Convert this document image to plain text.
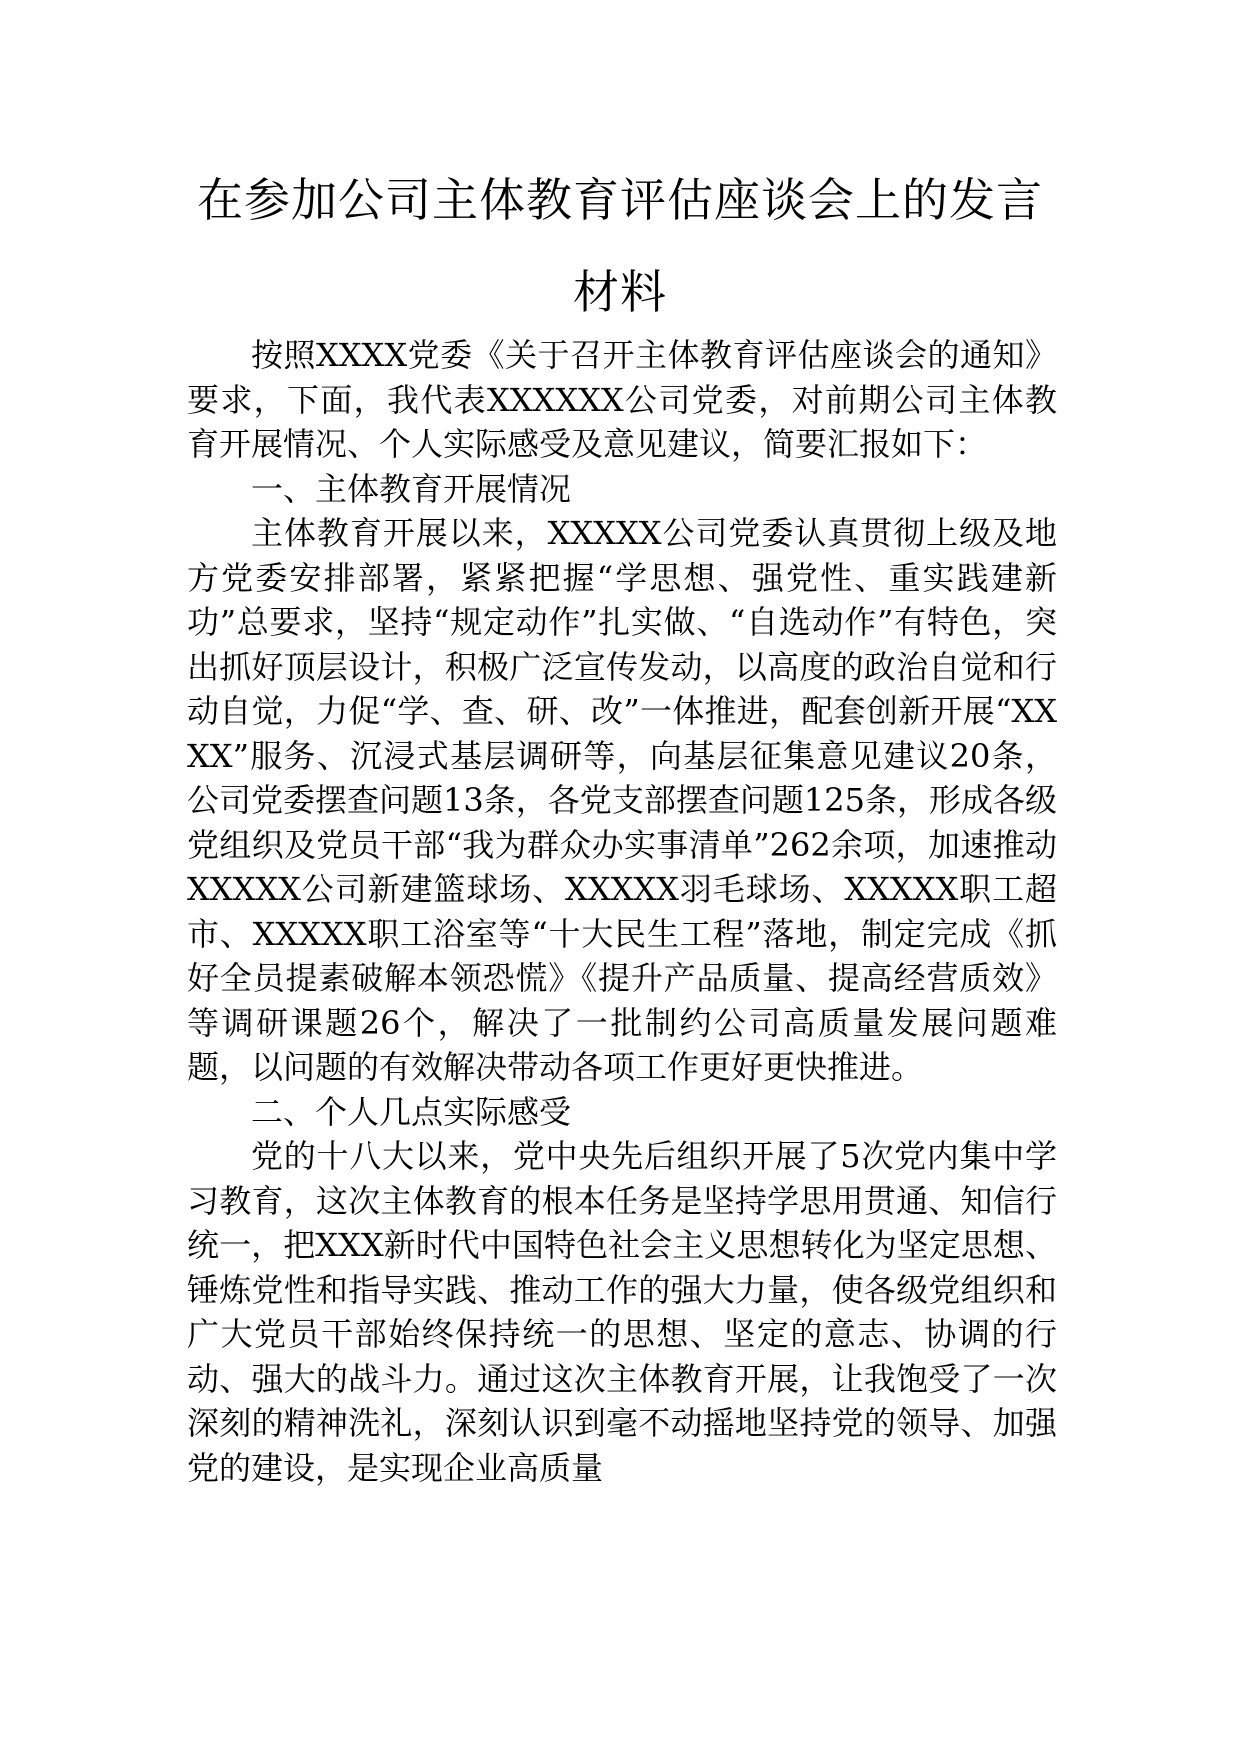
在参加公司主体教育评估座谈会上的发言
材料

按照XXXX党委《关于召开主体教育评估座谈会的通知》要求，下面，我代表XXXXXX公司党委，对前期公司主体教育开展情况、个人实际感受及意见建议，简要汇报如下：

一、主体教育开展情况

主体教育开展以来，XXXXX公司党委认真贯彻上级及地方党委安排部署，紧紧把握“学思想、强党性、重实践建新功”总要求，坚持“规定动作”扎实做、“自选动作”有特色，突出抓好顶层设计，积极广泛宣传发动，以高度的政治自觉和行动自觉，力促“学、查、研、改”一体推进，配套创新开展“XXXX”服务、沉浸式基层调研等，向基层征集意见建议20条，公司党委摆查问题13条，各党支部摆查问题125条，形成各级党组织及党员干部“我为群众办实事清单”262余项，加速推动XXXXX公司新建篮球场、XXXXX羽毛球场、XXXXX职工超市、XXXXX职工浴室等“十大民生工程”落地，制定完成《抓好全员提素破解本领恐慌》《提升产品质量、提高经营质效》等调研课题26个，解决了一批制约公司高质量发展问题难题，以问题的有效解决带动各项工作更好更快推进。

二、个人几点实际感受

党的十八大以来，党中央先后组织开展了5次党内集中学习教育，这次主体教育的根本任务是坚持学思用贯通、知信行统一，把XXX新时代中国特色社会主义思想转化为坚定思想、锤炼党性和指导实践、推动工作的强大力量，使各级党组织和广大党员干部始终保持统一的思想、坚定的意志、协调的行动、强大的战斗力。通过这次主体教育开展，让我饱受了一次深刻的精神洗礼，深刻认识到毫不动摇地坚持党的领导、加强党的建设，是实现企业高质量
